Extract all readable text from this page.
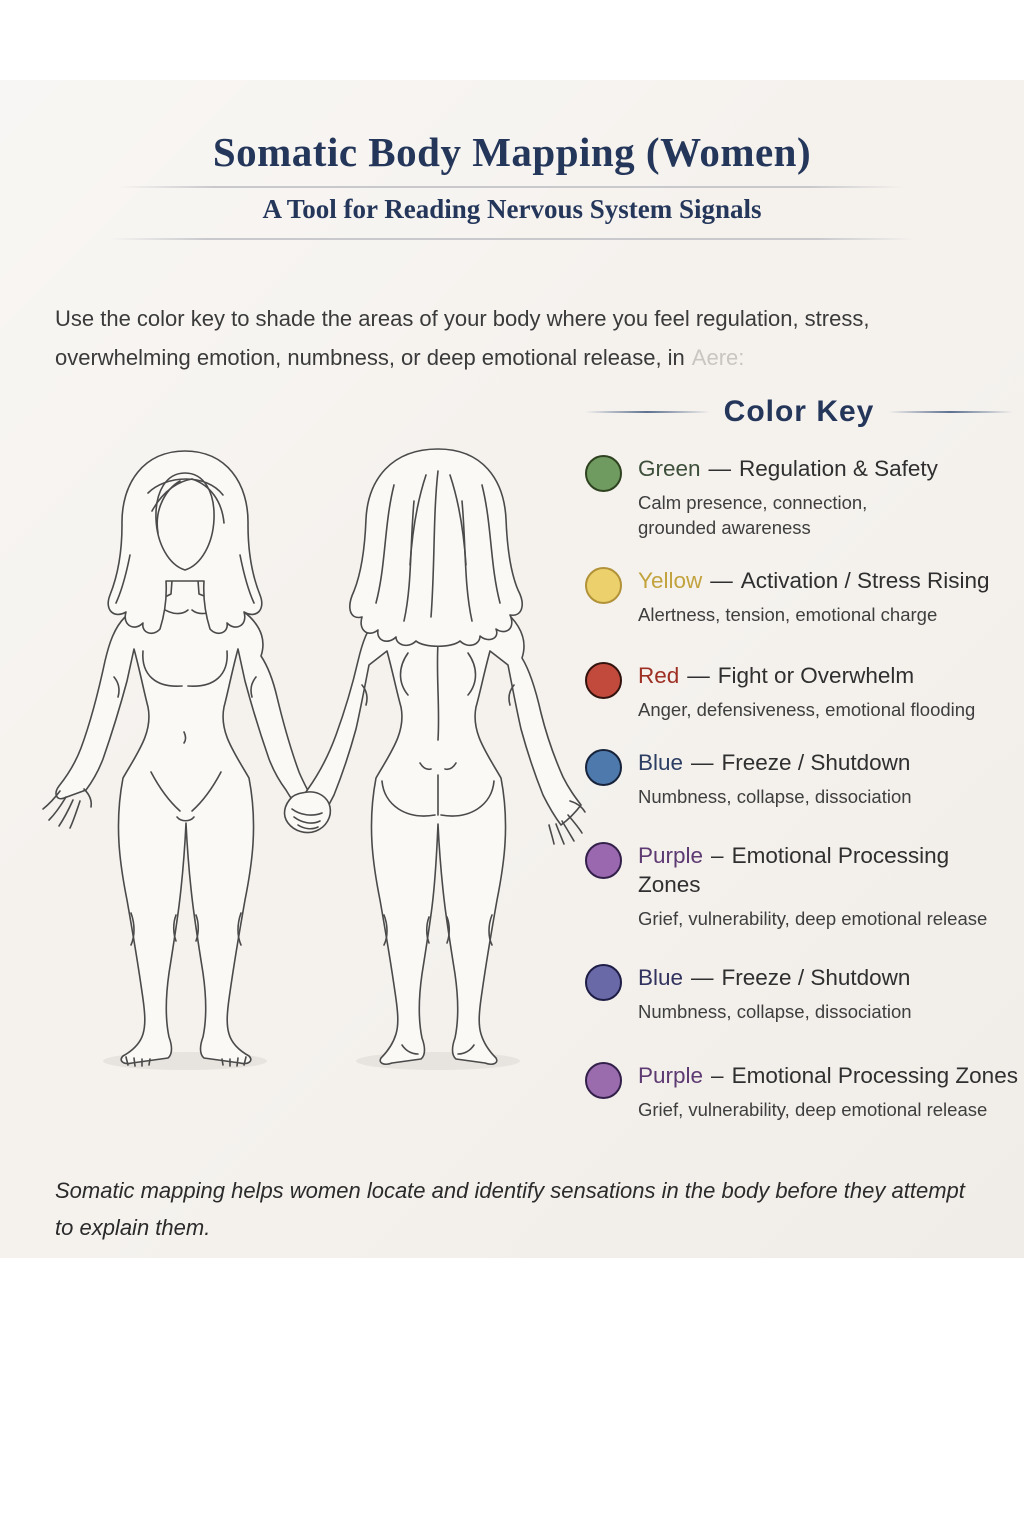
Somatic Body Mapping (Women)
A Tool for Reading Nervous System Signals
Use the color key to shade the areas of your body where you feel regulation, stress,
overwhelming emotion, numbness, or deep emotional release, in Aere:
Color Key
Green — Regulation & Safety
Calm presence, connection,
grounded awareness
Yellow — Activation / Stress Rising
Alertness, tension, emotional charge
Red — Fight or Overwhelm
Anger, defensiveness, emotional flooding
Blue — Freeze / Shutdown
Numbness, collapse, dissociation
Purple – Emotional Processing
Zones
Grief, vulnerability, deep emotional release
Blue — Freeze / Shutdown
Numbness, collapse, dissociation
Purple – Emotional Processing Zones
Grief, vulnerability, deep emotional release
Somatic mapping helps women locate and identify sensations in the body before they attempt
to explain them.
